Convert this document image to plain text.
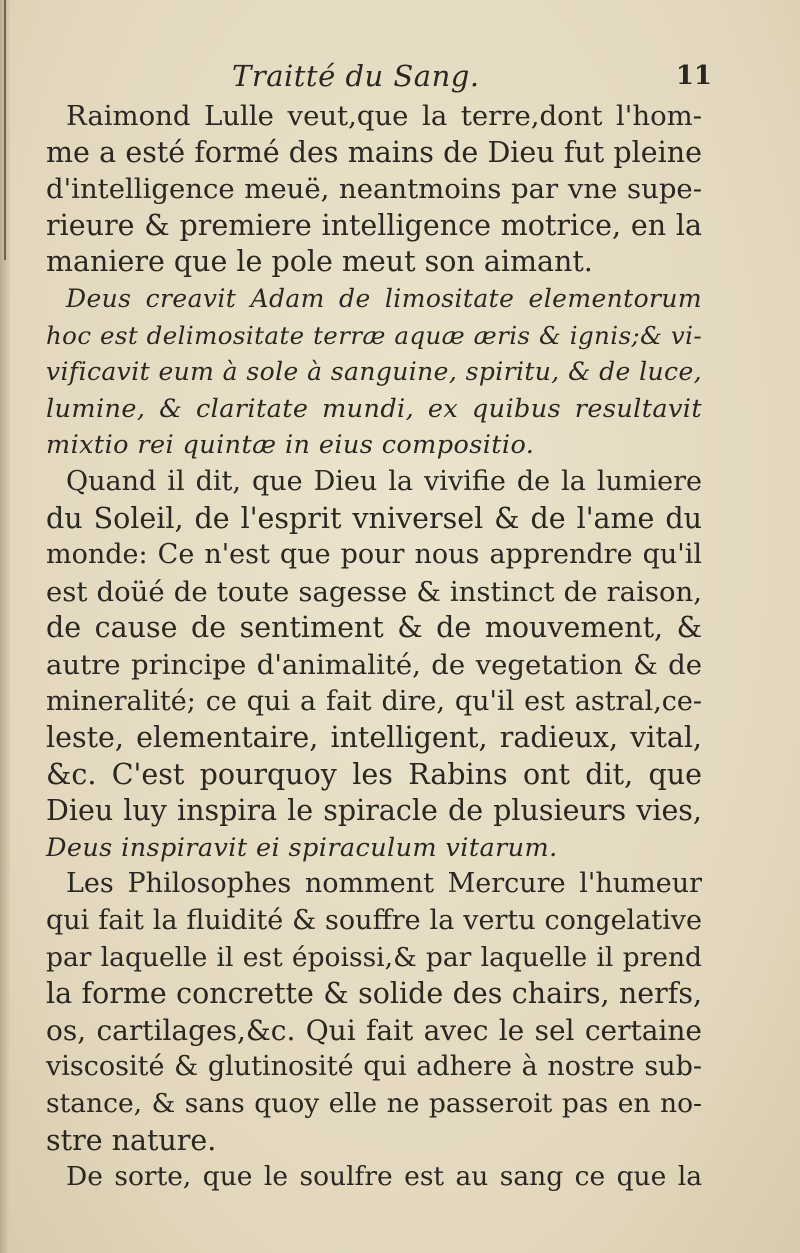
Traitté du Sang.	11
Raimond Lulle veut,que la terre,dont l'hom-
me a esté formé des mains de Dieu fut pleine
d'intelligence meuë, neantmoins par vne supe-
rieure & premiere intelligence motrice, en la
maniere que le pole meut son aimant.
Deus creavit Adam de limositate elementorum
hoc est delimositate terræ aquæ æris & ignis;& vi-
vificavit eum à sole à sanguine, spiritu, & de luce,
lumine, & claritate mundi, ex quibus resultavit
mixtio rei quintæ in eius compositio.
Quand il dit, que Dieu la vivifie de la lumiere
du Soleil, de l'esprit vniversel & de l'ame du
monde: Ce n'est que pour nous apprendre qu'il
est doüé de toute sagesse & instinct de raison,
de cause de sentiment & de mouvement, &
autre principe d'animalité, de vegetation & de
mineralité; ce qui a fait dire, qu'il est astral,ce-
leste, elementaire, intelligent, radieux, vital,
&c. C'est pourquoy les Rabins ont dit, que
Dieu luy inspira le spiracle de plusieurs vies,
Deus inspiravit ei spiraculum vitarum.
Les Philosophes nomment Mercure l'humeur
qui fait la fluidité & souffre la vertu congelative
par laquelle il est époissi,& par laquelle il prend
la forme concrette & solide des chairs, nerfs,
os, cartilages,&c. Qui fait avec le sel certaine
viscosité & glutinosité qui adhere à nostre sub-
stance, & sans quoy elle ne passeroit pas en no-
stre nature.
De sorte, que le soulfre est au sang ce que la
